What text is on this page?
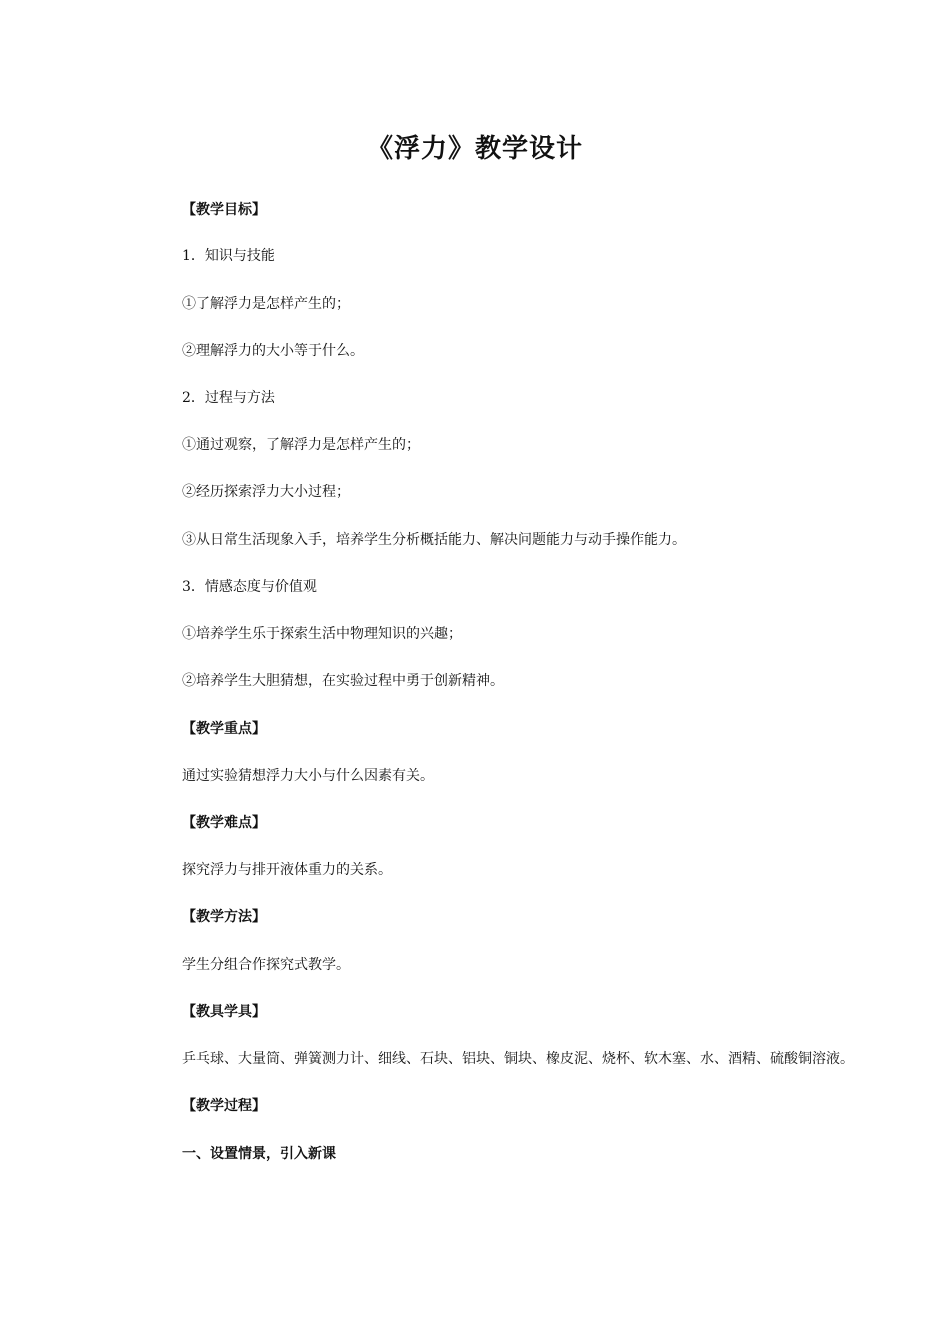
《浮力》教学设计
【教学目标】
1．知识与技能
①了解浮力是怎样产生的；
②理解浮力的大小等于什么。
2．过程与方法
①通过观察，了解浮力是怎样产生的；
②经历探索浮力大小过程；
③从日常生活现象入手，培养学生分析概括能力、解决问题能力与动手操作能力。
3．情感态度与价值观
①培养学生乐于探索生活中物理知识的兴趣；
②培养学生大胆猜想，在实验过程中勇于创新精神。
【教学重点】
通过实验猜想浮力大小与什么因素有关。
【教学难点】
探究浮力与排开液体重力的关系。
【教学方法】
学生分组合作探究式教学。
【教具学具】
乒乓球、大量筒、弹簧测力计、细线、石块、铝块、铜块、橡皮泥、烧杯、软木塞、水、酒精、硫酸铜溶液。
【教学过程】
一、设置情景，引入新课
